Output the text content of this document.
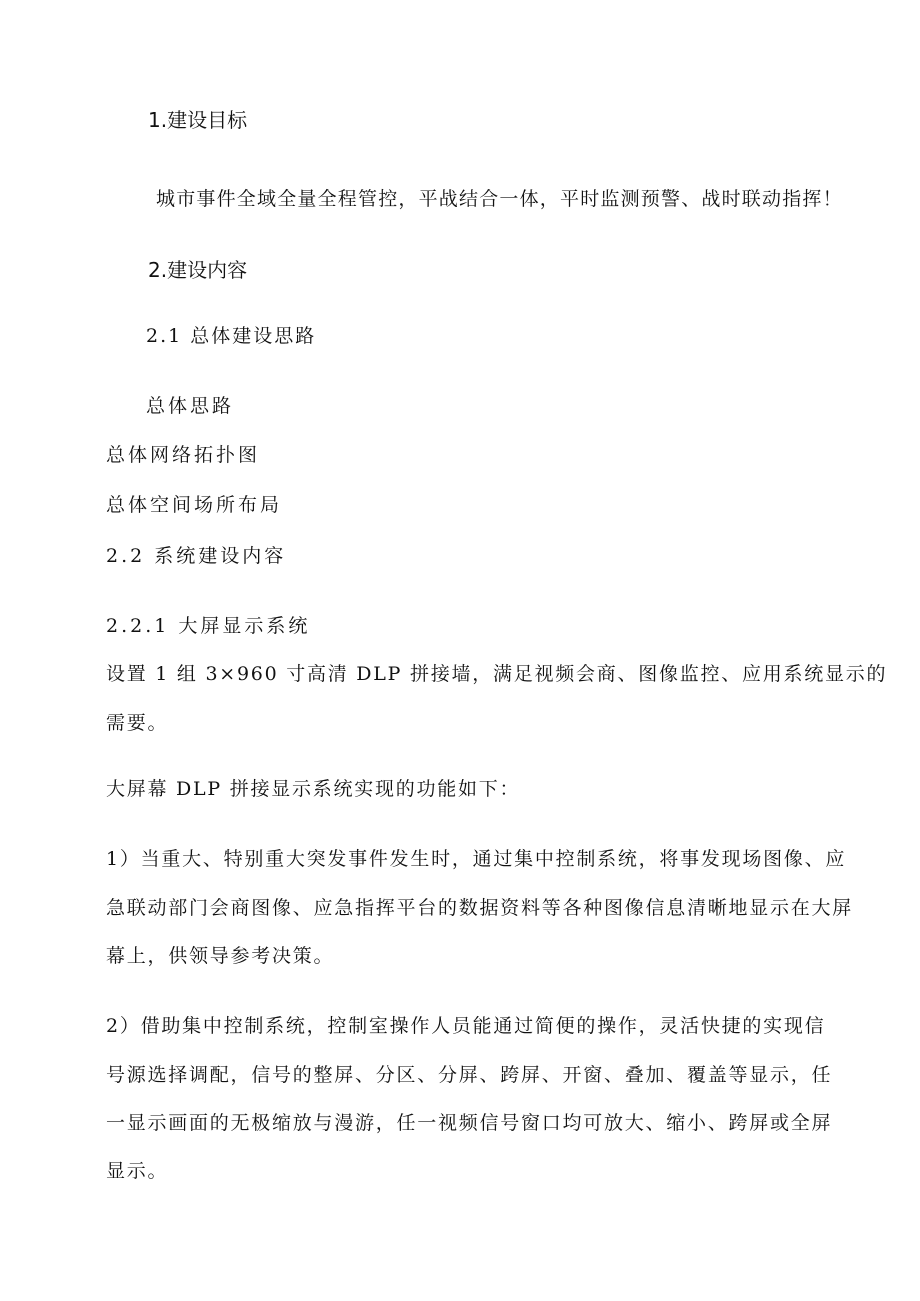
1.建设目标
城市事件全域全量全程管控，平战结合一体，平时监测预警、战时联动指挥！
2.建设内容
2.1 总体建设思路
总体思路
总体网络拓扑图
总体空间场所布局
2.2 系统建设内容
2.2.1 大屏显示系统
设置 1 组 3×960 寸高清 DLP 拼接墙，满足视频会商、图像监控、应用系统显示的
需要。
大屏幕 DLP 拼接显示系统实现的功能如下：
1）当重大、特别重大突发事件发生时，通过集中控制系统，将事发现场图像、应
急联动部门会商图像、应急指挥平台的数据资料等各种图像信息清晰地显示在大屏
幕上，供领导参考决策。
2）借助集中控制系统，控制室操作人员能通过简便的操作，灵活快捷的实现信
号源选择调配，信号的整屏、分区、分屏、跨屏、开窗、叠加、覆盖等显示，任
一显示画面的无极缩放与漫游，任一视频信号窗口均可放大、缩小、跨屏或全屏
显示。
